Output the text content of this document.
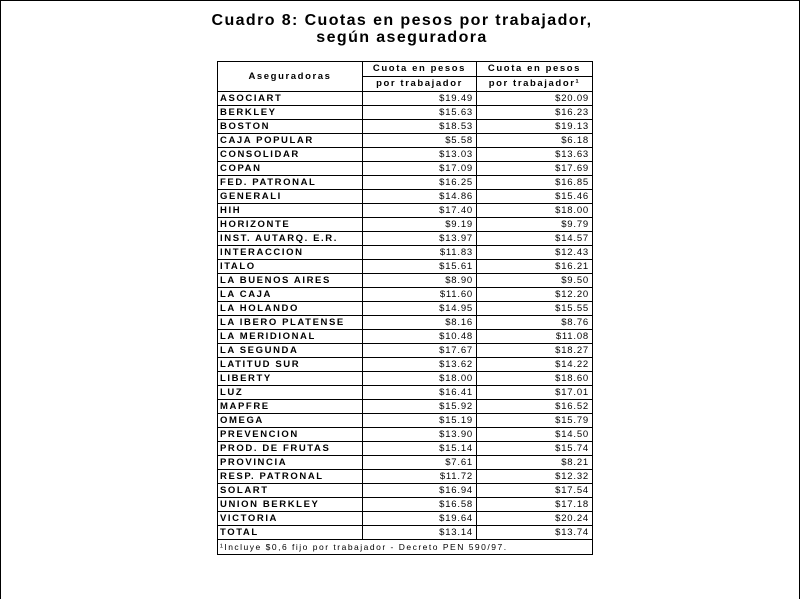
Cuadro 8: Cuotas en pesos por trabajador,
según aseguradora
Aseguradoras	Cuota en pesos	Cuota en pesos
	por trabajador	por trabajador¹
ASOCIART	$19.49	$20.09
BERKLEY	$15.63	$16.23
BOSTON	$18.53	$19.13
CAJA POPULAR	$5.58	$6.18
CONSOLIDAR	$13.03	$13.63
COPAN	$17.09	$17.69
FED. PATRONAL	$16.25	$16.85
GENERALI	$14.86	$15.46
HIH	$17.40	$18.00
HORIZONTE	$9.19	$9.79
INST. AUTARQ. E.R.	$13.97	$14.57
INTERACCION	$11.83	$12.43
ITALO	$15.61	$16.21
LA BUENOS AIRES	$8.90	$9.50
LA CAJA	$11.60	$12.20
LA HOLANDO	$14.95	$15.55
LA IBERO PLATENSE	$8.16	$8.76
LA MERIDIONAL	$10.48	$11.08
LA SEGUNDA	$17.67	$18.27
LATITUD SUR	$13.62	$14.22
LIBERTY	$18.00	$18.60
LUZ	$16.41	$17.01
MAPFRE	$15.92	$16.52
OMEGA	$15.19	$15.79
PREVENCION	$13.90	$14.50
PROD. DE FRUTAS	$15.14	$15.74
PROVINCIA	$7.61	$8.21
RESP. PATRONAL	$11.72	$12.32
SOLART	$16.94	$17.54
UNION BERKLEY	$16.58	$17.18
VICTORIA	$19.64	$20.24
TOTAL	$13.14	$13.74
¹Incluye $0,6 fijo por trabajador - Decreto PEN 590/97.		
